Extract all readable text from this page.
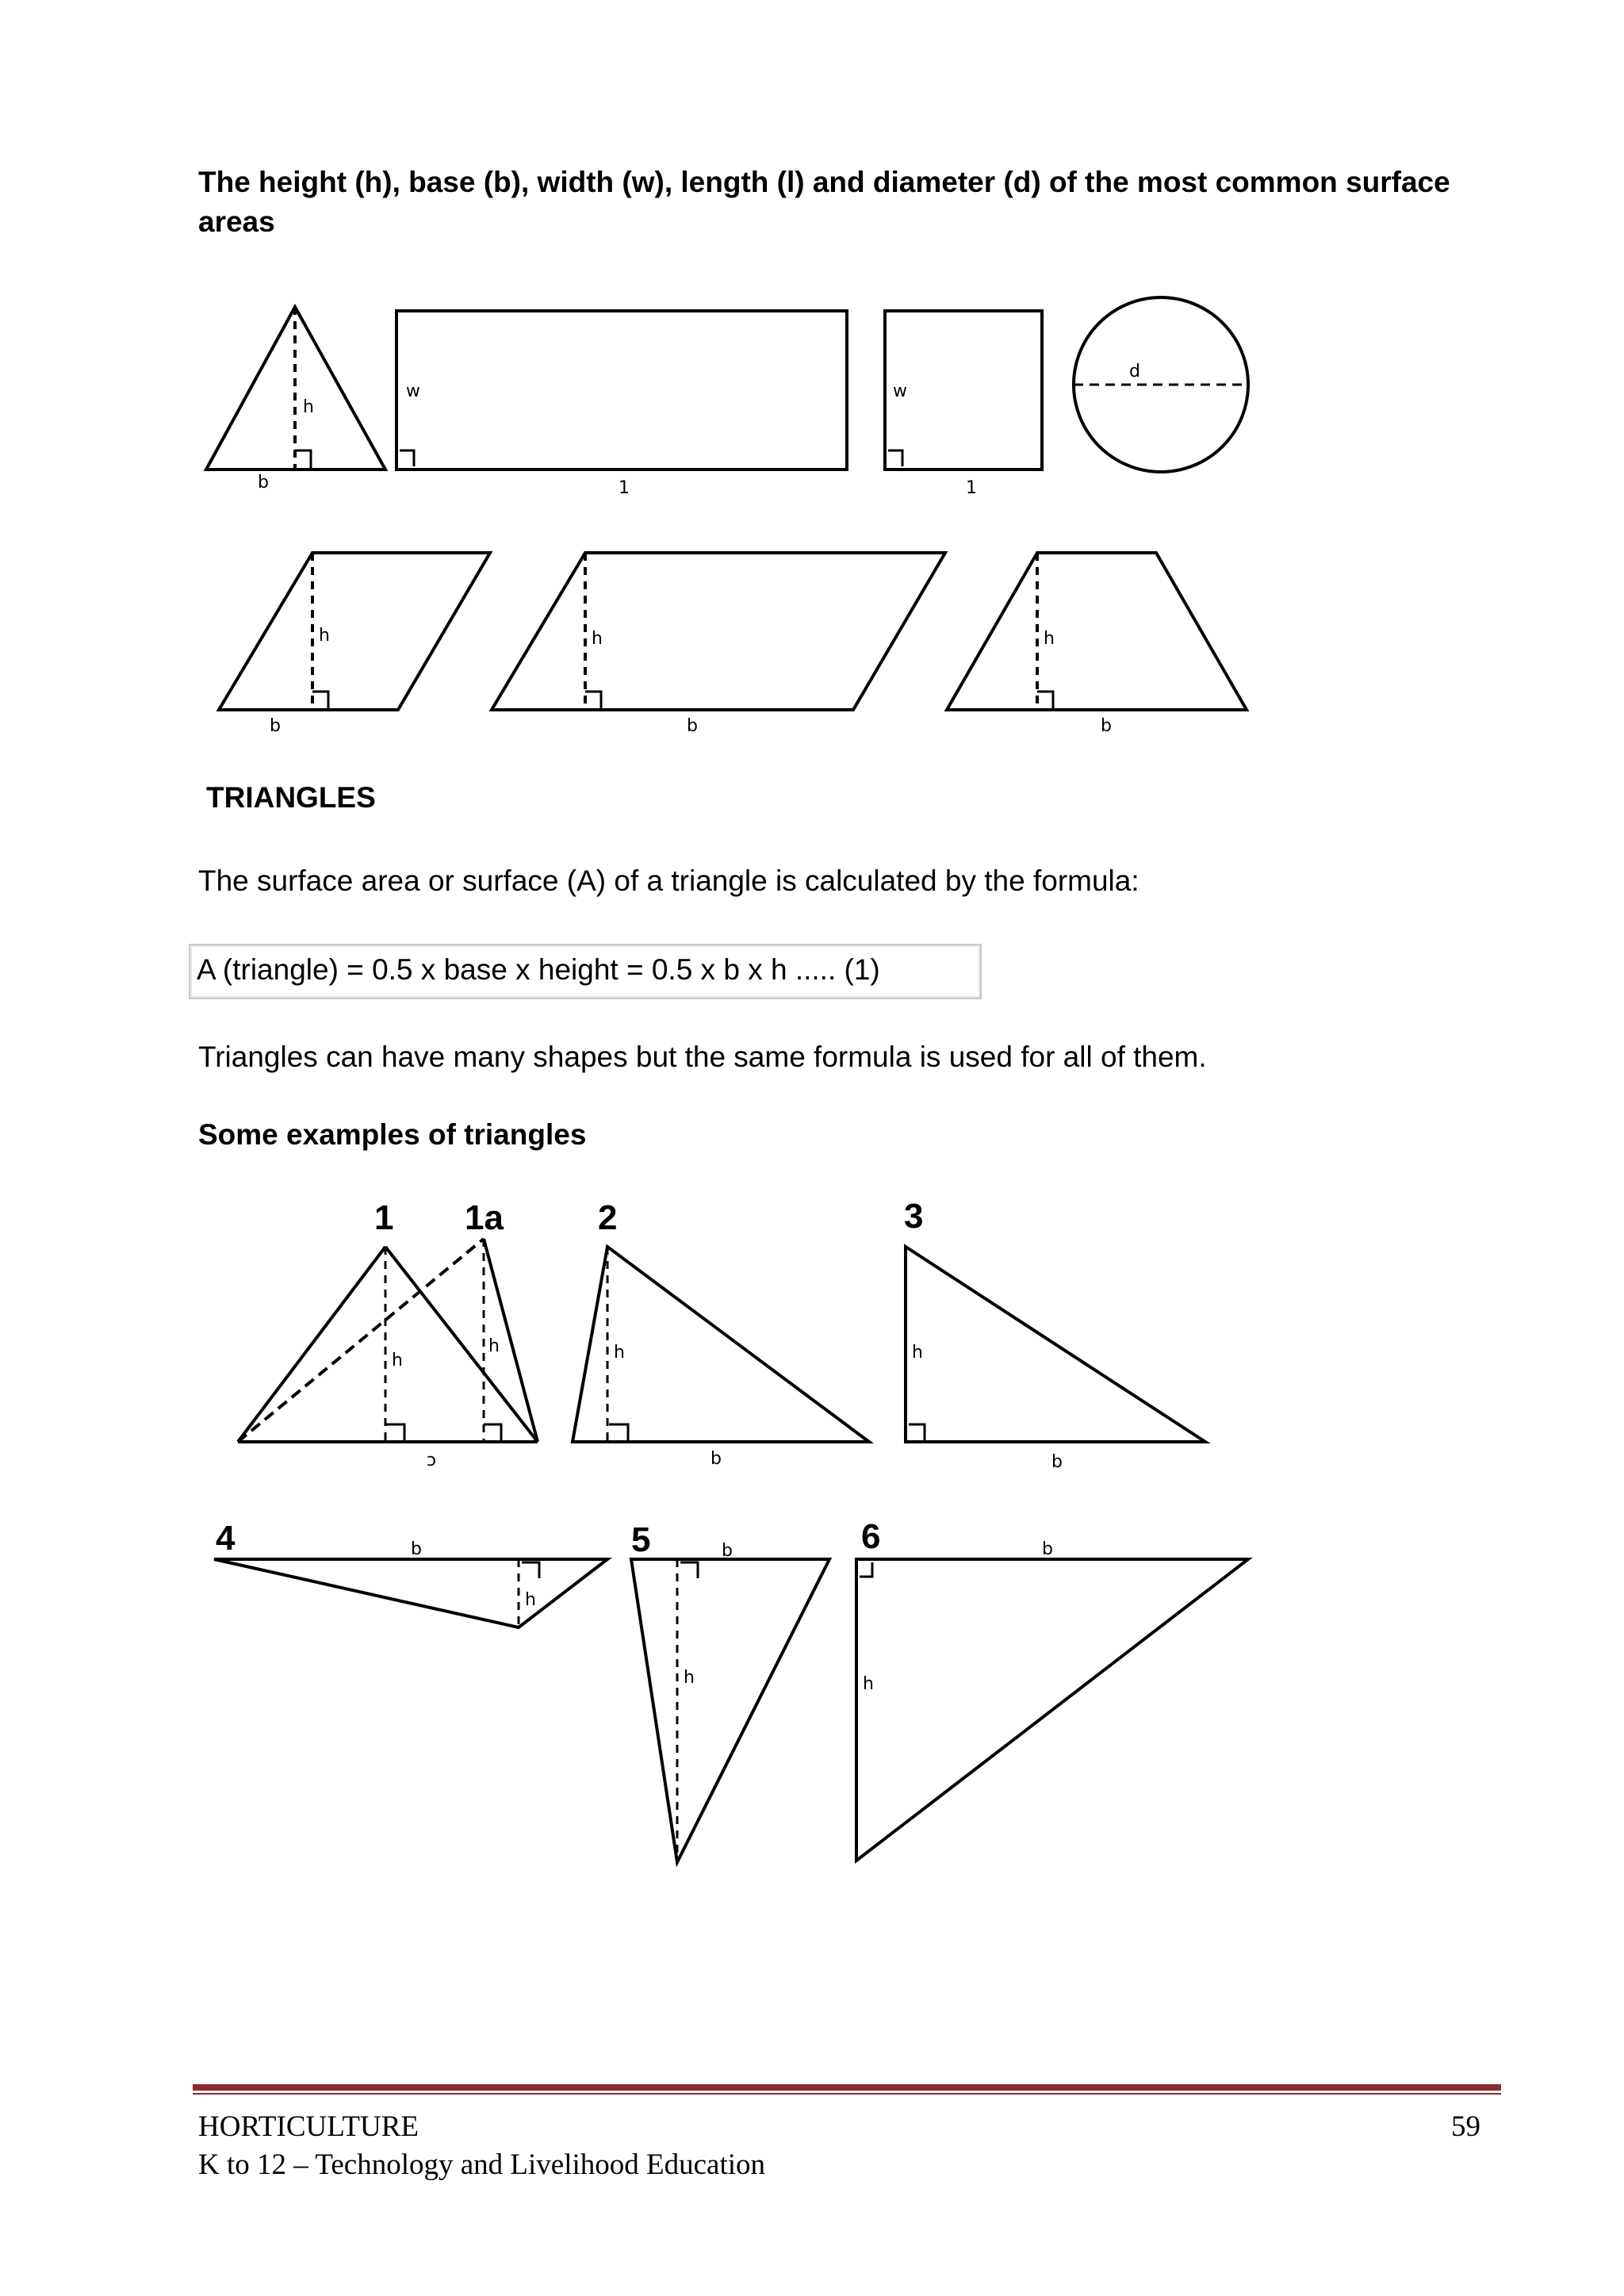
The height (h), base (b), width (w), length (l) and diameter (d) of the most common surface areas
h
b
w
1
w
1
d
h
b
h
b
h
b
TRIANGLES
The surface area or surface (A) of a triangle is calculated by the formula:
A (triangle) = 0.5 x base x height = 0.5 x b x h ..... (1)
Triangles can have many shapes but the same formula is used for all of them.
Some examples of triangles
1 1a	2	3
4	5	6
h
h
ɔ
h
b
h
b
b
h
b
h
b
h
HORTICULTURE
K to 12 – Technology and Livelihood Education
59
